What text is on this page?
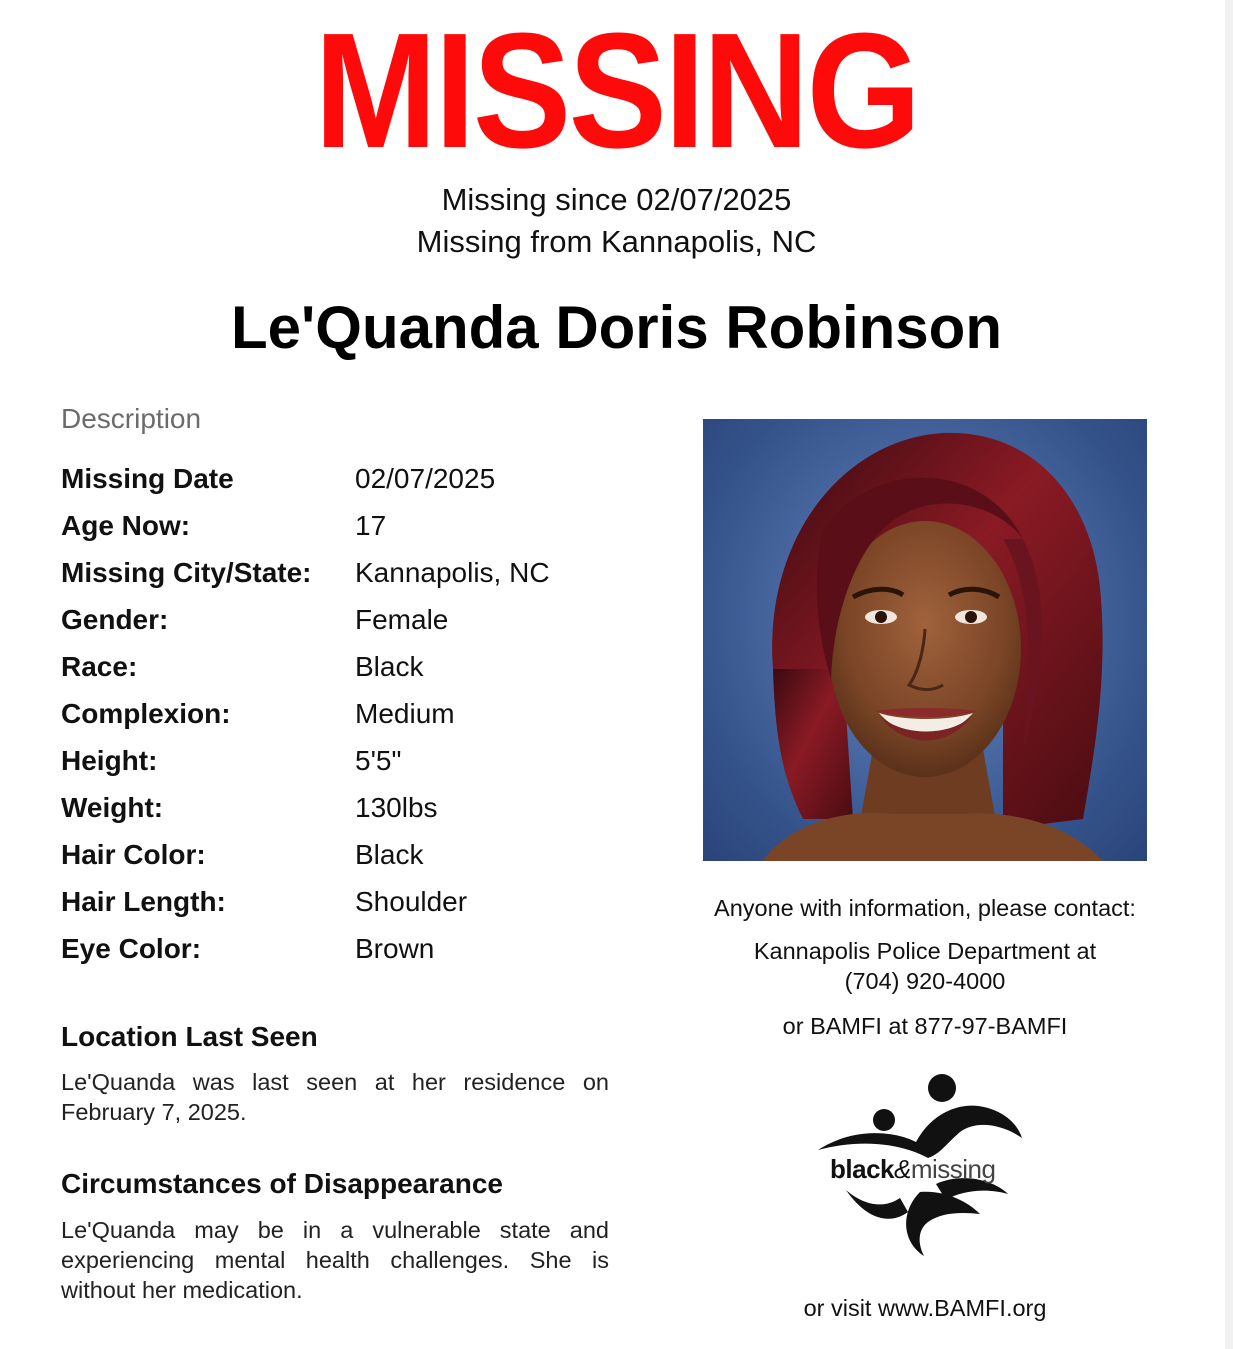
MISSING
Missing since 02/07/2025
Missing from Kannapolis, NC
Le'Quanda Doris Robinson
Description
Missing Date	02/07/2025
Age Now:	17
Missing City/State:	Kannapolis, NC
Gender:	Female
Race:	Black
Complexion:	Medium
Height:	5'5"
Weight:	130lbs
Hair Color:	Black
Hair Length:	Shoulder
Eye Color:	Brown
Location Last Seen
Le'Quanda was last seen at her residence on February 7, 2025.
Circumstances of Disappearance
Le'Quanda may be in a vulnerable state and experiencing mental health challenges. She is without her medication.
Anyone with information, please contact:
Kannapolis Police Department at
(704) 920-4000
or BAMFI at 877-97-BAMFI
black&missing
or visit www.BAMFI.org
